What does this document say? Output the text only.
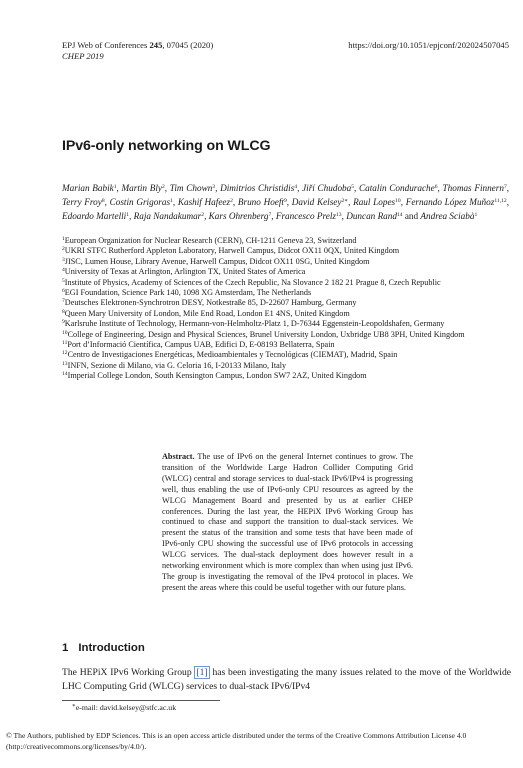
EPJ Web of Conferences 245, 07045 (2020)
CHEP 2019
https://doi.org/10.1051/epjconf/202024507045
IPv6-only networking on WLCG
Marian Babik$^1$, Martin Bly$^2$, Tim Chown$^3$, Dimitrios Christidis$^4$, Jiří Chudoba$^5$, Catalin Condurache$^6$, Thomas Finnern$^7$, Terry Froy$^8$, Costin Grigoras$^1$, Kashif Hafeez$^2$, Bruno Hoeft$^9$, David Kelsey$^{2∗}$, Raul Lopes$^{10}$, Fernando López Muñoz$^{11,12}$, Edoardo Martelli$^1$, Raja Nandakumar$^2$, Kars Ohrenberg$^7$, Francesco Prelz$^{13}$, Duncan Rand$^{14}$ and Andrea Sciabà$^1$
$^1$European Organization for Nuclear Research (CERN), CH-1211 Geneva 23, Switzerland
$^2$UKRI STFC Rutherford Appleton Laboratory, Harwell Campus, Didcot OX11 0QX, United Kingdom
$^3$JISC, Lumen House, Library Avenue, Harwell Campus, Didcot OX11 0SG, United Kingdom
$^4$University of Texas at Arlington, Arlington TX, United States of America
$^5$Institute of Physics, Academy of Sciences of the Czech Republic, Na Slovance 2 182 21 Prague 8, Czech Republic
$^6$EGI Foundation, Science Park 140, 1098 XG Amsterdam, The Netherlands
$^7$Deutsches Elektronen-Synchrotron DESY, Notkestraße 85, D-22607 Hamburg, Germany
$^8$Queen Mary University of London, Mile End Road, London E1 4NS, United Kingdom
$^9$Karlsruhe Institute of Technology, Hermann-von-Helmholtz-Platz 1, D-76344 Eggenstein-Leopoldshafen, Germany
$^{10}$College of Engineering, Design and Physical Sciences, Brunel University London, Uxbridge UB8 3PH, United Kingdom
$^{11}$Port d’Informació Científica, Campus UAB, Edifici D, E-08193 Bellaterra, Spain
$^{12}$Centro de Investigaciones Energéticas, Medioambientales y Tecnológicas (CIEMAT), Madrid, Spain
$^{13}$INFN, Sezione di Milano, via G. Celoria 16, I-20133 Milano, Italy
$^{14}$Imperial College London, South Kensington Campus, London SW7 2AZ, United Kingdom
Abstract. The use of IPv6 on the general Internet continues to grow. The transition of the Worldwide Large Hadron Collider Computing Grid (WLCG) central and storage services to dual-stack IPv6/IPv4 is progressing well, thus enabling the use of IPv6-only CPU resources as agreed by the WLCG Management Board and presented by us at earlier CHEP conferences. During the last year, the HEPiX IPv6 Working Group has continued to chase and support the transition to dual-stack services. We present the status of the transition and some tests that have been made of IPv6-only CPU showing the successful use of IPv6 protocols in accessing WLCG services. The dual-stack deployment does however result in a networking environment which is more complex than when using just IPv6. The group is investigating the removal of the IPv4 protocol in places. We present the areas where this could be useful together with our future plans.
1 Introduction
The HEPiX IPv6 Working Group [1] has been investigating the many issues related to the move of the Worldwide LHC Computing Grid (WLCG) services to dual-stack IPv6/IPv4
∗e-mail: david.kelsey@stfc.ac.uk
© The Authors, published by EDP Sciences. This is an open access article distributed under the terms of the Creative Commons Attribution License 4.0 (http://creativecommons.org/licenses/by/4.0/).
